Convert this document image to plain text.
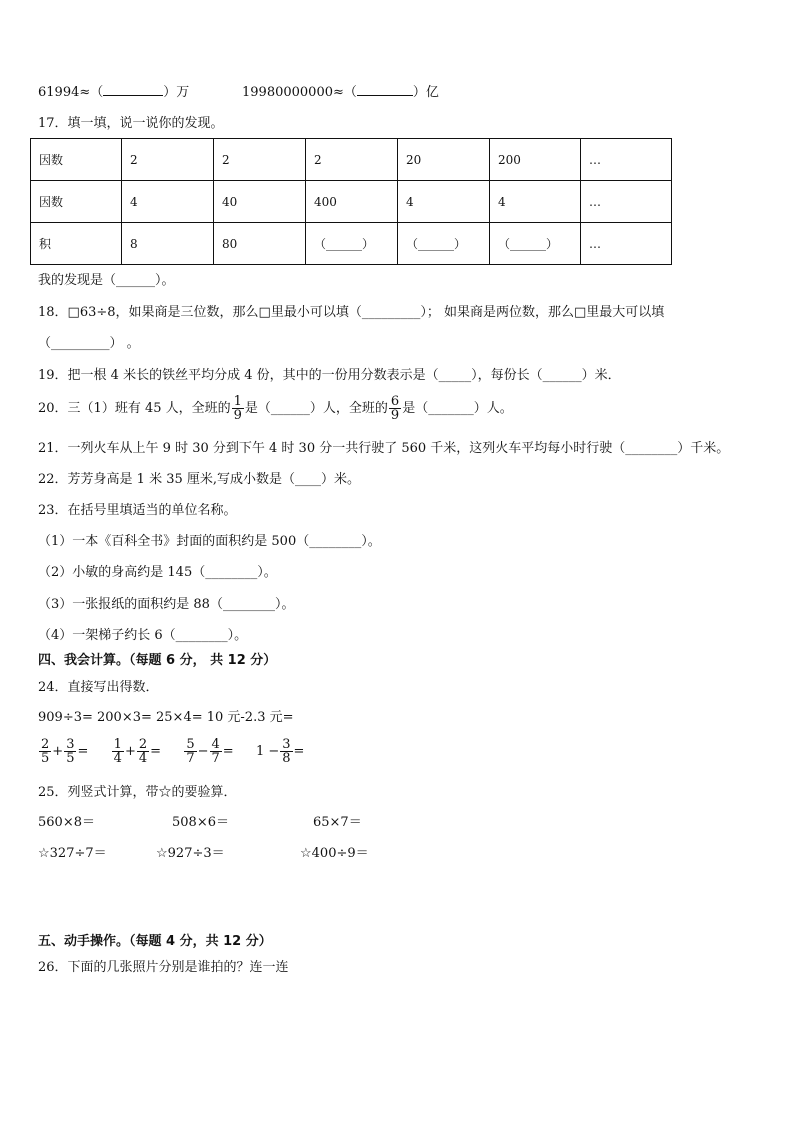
61994≈（	）万	19980000000≈（	）亿
17．填一填，说一说你的发现。
因数	2	2	2	20	200	…
因数	4	40	400	4	4	…
积	8	80	（______）	（______）	（______）	…
我的发现是（______）。
18．□63÷8，如果商是三位数，那么□里最小可以填（_________）； 如果商是两位数，那么□里最大可以填
（_________） 。
19．把一根 4 米长的铁丝平均分成 4 份，其中的一份用分数表示是（_____），每份长（______）米．
20．三（1）班有 45 人，全班的 $\frac{1}{9}$ 是（______）人，全班的 $\frac{6}{9}$ 是（_______）人。
21．一列火车从上午 9 时 30 分到下午 4 时 30 分一共行驶了 560 千米，这列火车平均每小时行驶（________）千米。
22．芳芳身高是 1 米 35 厘米,写成小数是（____）米。
23．在括号里填适当的单位名称。
（1）一本《百科全书》封面的面积约是 500（________）。
（2）小敏的身高约是 145（________）。
（3）一张报纸的面积约是 88（________）。
（4）一架梯子约长 6（________）。
四、我会计算。（每题 6 分， 共 12 分）
24．直接写出得数．
909÷3= 200×3= 25×4= 10 元-2.3 元=
$\frac{2}{5} + \frac{3}{5} = \frac{1}{4} + \frac{2}{4} = \frac{5}{7} - \frac{4}{7} = 1 - \frac{3}{8}$ =
25．列竖式计算，带☆的要验算．
560×8＝	508×6＝	65×7＝
☆327÷7＝	☆927÷3＝	☆400÷9＝
五、动手操作。（每题 4 分，共 12 分）
26．下面的几张照片分别是谁拍的？连一连
